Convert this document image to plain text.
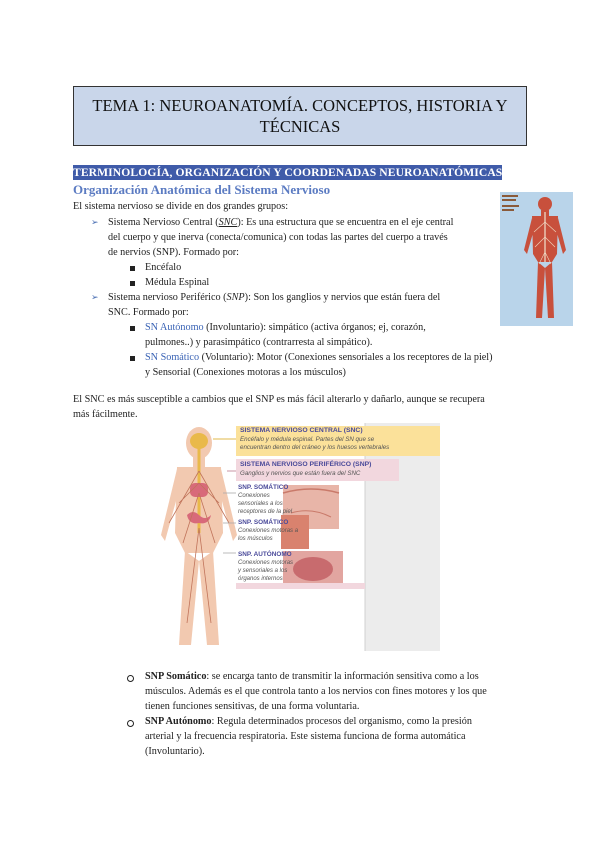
TEMA 1: NEUROANATOMÍA. CONCEPTOS, HISTORIA Y
TÉCNICAS
TERMINOLOGÍA, ORGANIZACIÓN Y COORDENADAS NEUROANATÓMICAS
Organización Anatómica del Sistema Nervioso
El sistema nervioso se divide en dos grandes grupos:
➢ Sistema Nervioso Central (SNC): Es una estructura que se encuentra en el eje central
del cuerpo y que inerva (conecta/comunica) con todas las partes del cuerpo a través
de nervios (SNP). Formado por:
Encéfalo
Médula Espinal
➢ Sistema nervioso Periférico (SNP): Son los ganglios y nervios que están fuera del
SNC. Formado por:
SN Autónomo (Involuntario): simpático (activa órganos; ej, corazón,
pulmones..) y parasimpático (contrarresta al simpático).
SN Somático (Voluntario): Motor (Conexiones sensoriales a los receptores de la piel)
y Sensorial (Conexiones motoras a los músculos)
El SNC es más susceptible a cambios que el SNP es más fácil alterarlo y dañarlo, aunque se recupera
más fácilmente.
SISTEMA NERVIOSO CENTRAL (SNC)
Encéfalo y médula espinal. Partes del SN que se
encuentran dentro del cráneo y los huesos vertebrales
SISTEMA NERVIOSO PERIFÉRICO (SNP)
Ganglios y nervios que están fuera del SNC
SNP. SOMÁTICO
Conexiones
sensoriales a los
receptores de la piel
SNP. SOMÁTICO
Conexiones motoras a
los músculos
SNP. AUTÓNOMO
Conexiones motoras
y sensoriales a los
órganos internos
SNP Somático: se encarga tanto de transmitir la información sensitiva como a los
músculos. Además es el que controla tanto a los nervios con fines motores y los que
tienen funciones sensitivas, de una forma voluntaria.
SNP Autónomo: Regula determinados procesos del organismo, como la presión
arterial y la frecuencia respiratoria. Este sistema funciona de forma automática
(Involuntario).
